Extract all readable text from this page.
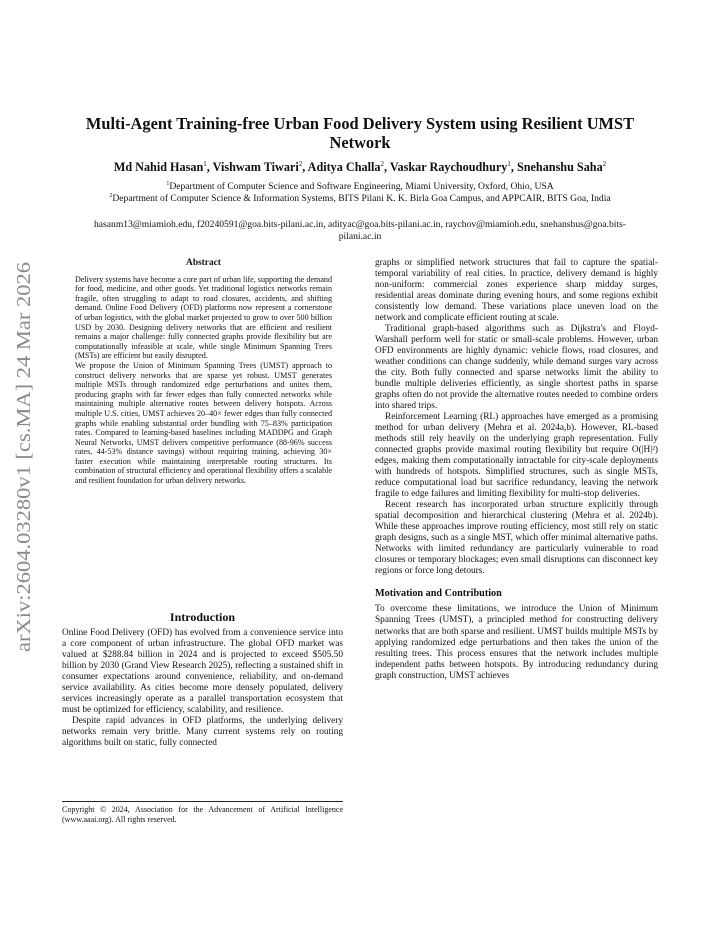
arXiv:2604.03280v1 [cs.MA] 24 Mar 2026
Multi-Agent Training-free Urban Food Delivery System using Resilient UMST Network
Md Nahid Hasan$^1$, Vishwam Tiwari$^2$, Aditya Challa$^2$, Vaskar Raychoudhury$^1$, Snehanshu Saha$^2$
$^1$Department of Computer Science and Software Engineering, Miami University, Oxford, Ohio, USA
$^2$Department of Computer Science & Information Systems, BITS Pilani K. K. Birla Goa Campus, and APPCAIR, BITS Goa, India
hasanm13@miamioh.edu, f20240591@goa.bits-pilani.ac.in, adityac@goa.bits-pilani.ac.in, raychov@miamioh.edu, snehanshus@goa.bits-pilani.ac.in
Abstract

Delivery systems have become a core part of urban life, supporting the demand for food, medicine, and other goods. Yet traditional logistics networks remain fragile, often struggling to adapt to road closures, accidents, and shifting demand. Online Food Delivery (OFD) platforms now represent a cornerstone of urban logistics, with the global market projected to grow to over 500 billion USD by 2030. Designing delivery networks that are efficient and resilient remains a major challenge: fully connected graphs provide flexibility but are computationally infeasible at scale, while single Minimum Spanning Trees (MSTs) are efficient but easily disrupted.

We propose the Union of Minimum Spanning Trees (UMST) approach to construct delivery networks that are sparse yet robust. UMST generates multiple MSTs through randomized edge perturbations and unites them, producing graphs with far fewer edges than fully connected networks while maintaining multiple alternative routes between delivery hotspots. Across multiple U.S. cities, UMST achieves 20–40× fewer edges than fully connected graphs while enabling substantial order bundling with 75–83% participation rates. Compared to learning-based baselines including MADDPG and Graph Neural Networks, UMST delivers competitive performance (88-96% success rates, 44-53% distance savings) without requiring training, achieving 30× faster execution while maintaining interpretable routing structures. Its combination of structural efficiency and operational flexibility offers a scalable and resilient foundation for urban delivery networks.

Introduction

Online Food Delivery (OFD) has evolved from a convenience service into a core component of urban infrastructure. The global OFD market was valued at $288.84 billion in 2024 and is projected to exceed $505.50 billion by 2030 (Grand View Research 2025), reflecting a sustained shift in consumer expectations around convenience, reliability, and on-demand service availability. As cities become more densely populated, delivery services increasingly operate as a parallel transportation ecosystem that must be optimized for efficiency, scalability, and resilience.

Despite rapid advances in OFD platforms, the underlying delivery networks remain very brittle. Many current systems rely on routing algorithms built on static, fully connected

Copyright © 2024, Association for the Advancement of Artificial Intelligence (www.aaai.org). All rights reserved.

graphs or simplified network structures that fail to capture the spatial-temporal variability of real cities. In practice, delivery demand is highly non-uniform: commercial zones experience sharp midday surges, residential areas dominate during evening hours, and some regions exhibit consistently low demand. These variations place uneven load on the network and complicate efficient routing at scale.

Traditional graph-based algorithms such as Dijkstra's and Floyd-Warshall perform well for static or small-scale problems. However, urban OFD environments are highly dynamic: vehicle flows, road closures, and weather conditions can change suddenly, while demand surges vary across the city. Both fully connected and sparse networks limit the ability to bundle multiple deliveries efficiently, as single shortest paths in sparse graphs often do not provide the alternative routes needed to combine orders into shared trips.

Reinforcement Learning (RL) approaches have emerged as a promising method for urban delivery (Mehra et al. 2024a,b). However, RL-based methods still rely heavily on the underlying graph representation. Fully connected graphs provide maximal routing flexibility but require O(|H|²) edges, making them computationally intractable for city-scale deployments with hundreds of hotspots. Simplified structures, such as single MSTs, reduce computational load but sacrifice redundancy, leaving the network fragile to edge failures and limiting flexibility for multi-stop deliveries.

Recent research has incorporated urban structure explicitly through spatial decomposition and hierarchical clustering (Mehra et al. 2024b). While these approaches improve routing efficiency, most still rely on static graph designs, such as a single MST, which offer minimal alternative paths. Networks with limited redundancy are particularly vulnerable to road closures or temporary blockages; even small disruptions can disconnect key regions or force long detours.

Motivation and Contribution

To overcome these limitations, we introduce the Union of Minimum Spanning Trees (UMST), a principled method for constructing delivery networks that are both sparse and resilient. UMST builds multiple MSTs by applying randomized edge perturbations and then takes the union of the resulting trees. This process ensures that the network includes multiple independent paths between hotspots. By introducing redundancy during graph construction, UMST achieves
